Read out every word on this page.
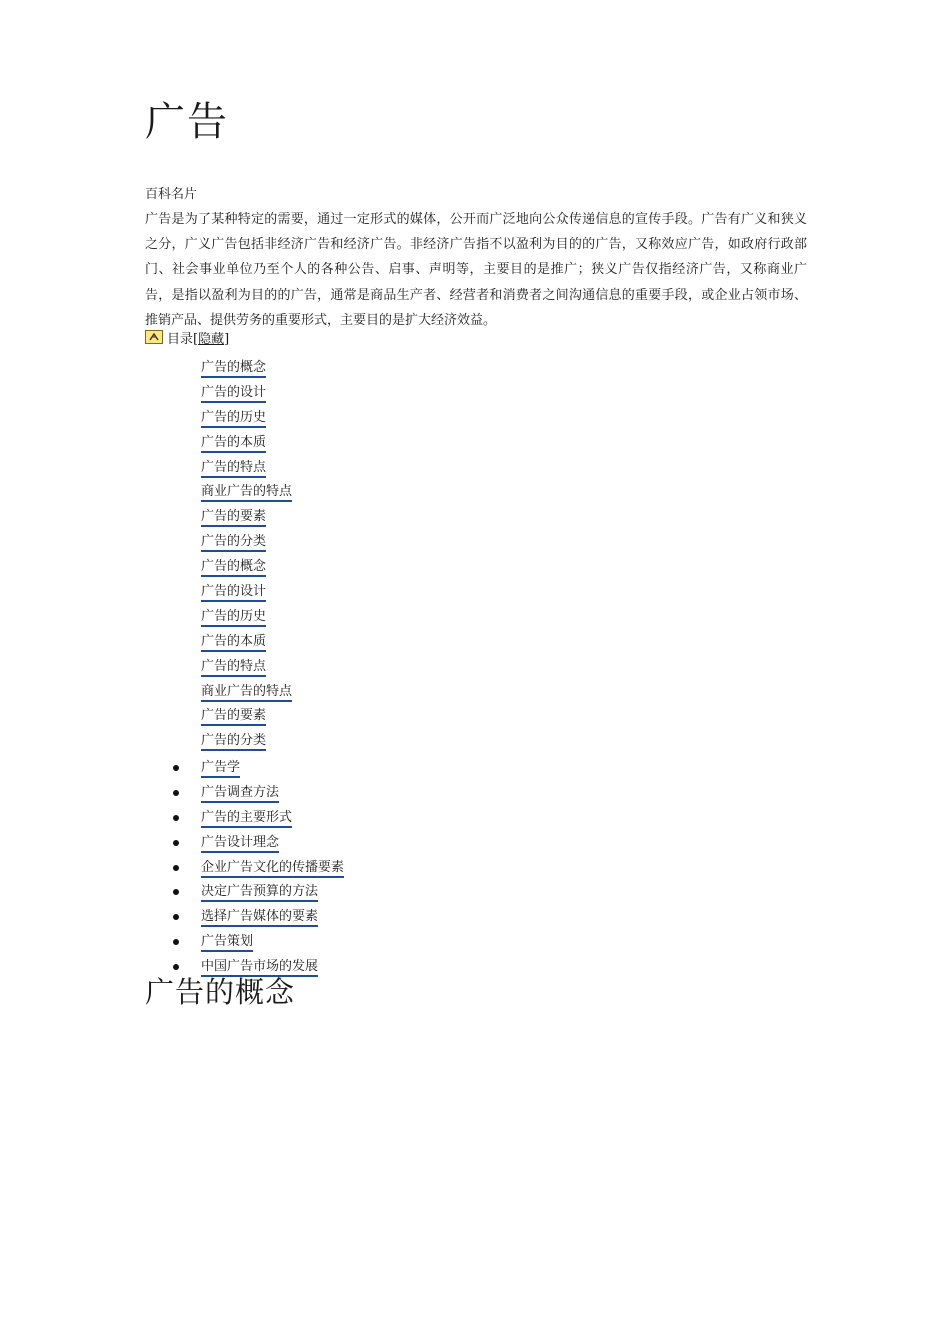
广告
百科名片

广告是为了某种特定的需要，通过一定形式的媒体，公开而广泛地向公众传递信息的宣传手段。广告有广义和狭义之分，广义广告包括非经济广告和经济广告。非经济广告指不以盈利为目的的广告，又称效应广告，如政府行政部门、社会事业单位乃至个人的各种公告、启事、声明等，主要目的是推广；狭义广告仅指经济广告，又称商业广告，是指以盈利为目的的广告，通常是商品生产者、经营者和消费者之间沟通信息的重要手段，或企业占领市场、推销产品、提供劳务的重要形式，主要目的是扩大经济效益。

目录 [ 隐藏 ]
广告的概念
广告的设计
广告的历史
广告的本质
广告的特点
商业广告的特点
广告的要素
广告的分类
广告的概念
广告的设计
广告的历史
广告的本质
广告的特点
商业广告的特点
广告的要素
广告的分类
广告学
广告调查方法
广告的主要形式
广告设计理念
企业广告文化的传播要素
决定广告预算的方法
选择广告媒体的要素
广告策划
中国广告市场的发展
广告的概念
